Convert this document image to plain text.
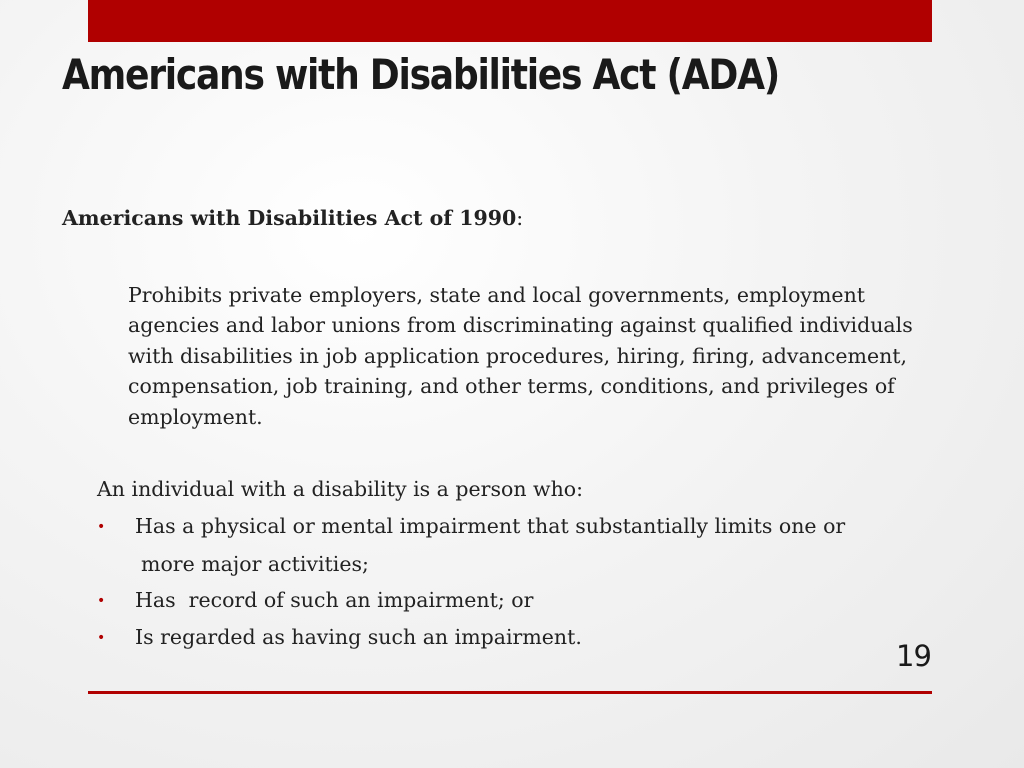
Americans with Disabilities Act (ADA)
Americans with Disabilities Act of 1990:

Prohibits private employers, state and local governments, employment agencies and labor unions from discriminating against qualified individuals with disabilities in job application procedures, hiring, firing, advancement, compensation, job training, and other terms, conditions, and privileges of employment.

An individual with a disability is a person who:
• Has a physical or mental impairment that substantially limits one or
more major activities;
• Has  record of such an impairment; or
• Is regarded as having such an impairment.
19
